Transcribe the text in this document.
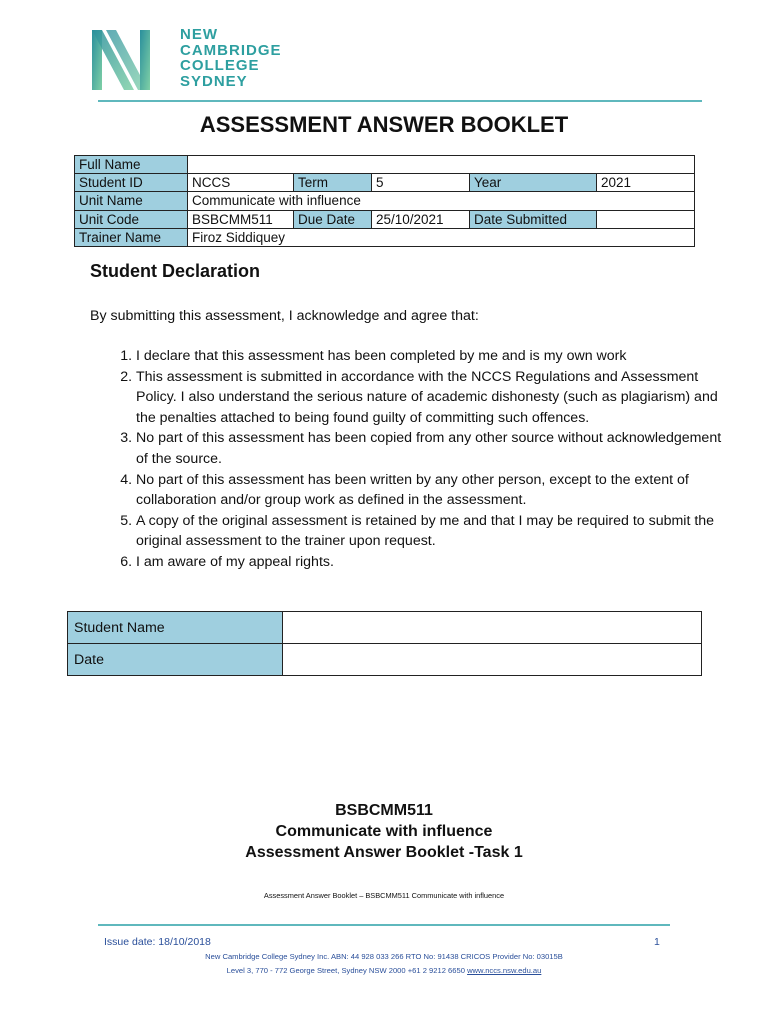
NEW
CAMBRIDGE
COLLEGE
SYDNEY
ASSESSMENT ANSWER BOOKLET
Full Name					
Student ID	NCCS	Term	5	Year	2021
Unit Name	Communicate with influence				
Unit Code	BSBCMM511	Due Date	25/10/2021	Date Submitted	
Trainer Name	Firoz Siddiquey				
Student Declaration
By submitting this assessment, I acknowledge and agree that:
1. I declare that this assessment has been completed by me and is my own work
2. This assessment is submitted in accordance with the NCCS Regulations and Assessment Policy. I also understand the serious nature of academic dishonesty (such as plagiarism) and the penalties attached to being found guilty of committing such offences.
3. No part of this assessment has been copied from any other source without acknowledgement of the source.
4. No part of this assessment has been written by any other person, except to the extent of collaboration and/or group work as defined in the assessment.
5. A copy of the original assessment is retained by me and that I may be required to submit the original assessment to the trainer upon request.
6. I am aware of my appeal rights.
Student Name	
Date	
BSBCMM511
Communicate with influence
Assessment Answer Booklet -Task 1
Assessment Answer Booklet – BSBCMM511 Communicate with influence
Issue date: 18/10/2018	1
New Cambridge College Sydney Inc. ABN: 44 928 033 266 RTO No: 91438 CRICOS Provider No: 03015B
Level 3, 770 - 772 George Street, Sydney NSW 2000 +61 2 9212 6650 www.nccs.nsw.edu.au
